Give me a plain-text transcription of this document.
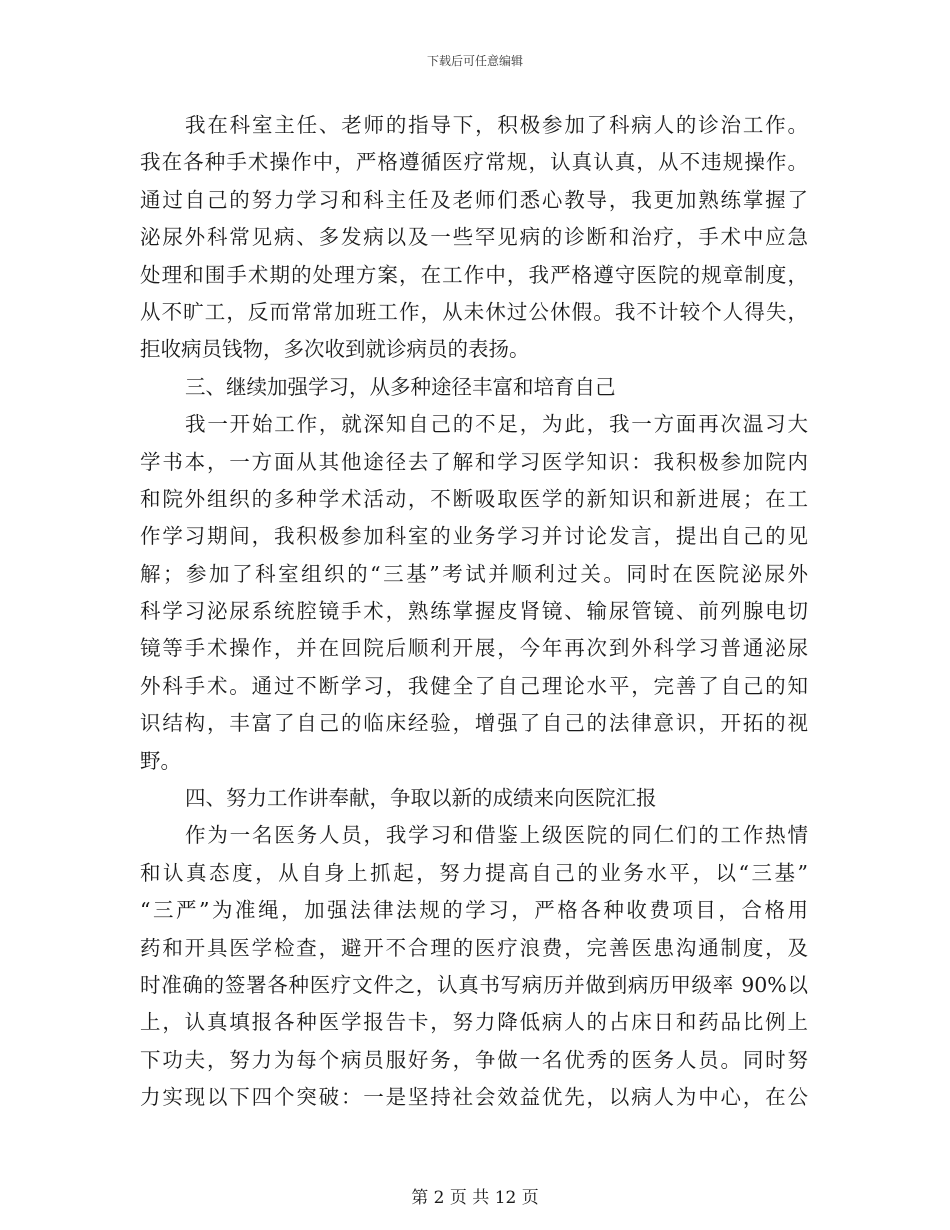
下载后可任意编辑
我在科室主任、老师的指导下，积极参加了科病人的诊治工作。
我在各种手术操作中，严格遵循医疗常规，认真认真，从不违规操作。
通过自己的努力学习和科主任及老师们悉心教导，我更加熟练掌握了
泌尿外科常见病、多发病以及一些罕见病的诊断和治疗，手术中应急
处理和围手术期的处理方案，在工作中，我严格遵守医院的规章制度，
从不旷工，反而常常加班工作，从未休过公休假。我不计较个人得失，
拒收病员钱物，多次收到就诊病员的表扬。
三、继续加强学习，从多种途径丰富和培育自己
我一开始工作，就深知自己的不足，为此，我一方面再次温习大
学书本，一方面从其他途径去了解和学习医学知识：我积极参加院内
和院外组织的多种学术活动，不断吸取医学的新知识和新进展；在工
作学习期间，我积极参加科室的业务学习并讨论发言，提出自己的见
解；参加了科室组织的“三基”考试并顺利过关。同时在医院泌尿外
科学习泌尿系统腔镜手术，熟练掌握皮肾镜、输尿管镜、前列腺电切
镜等手术操作，并在回院后顺利开展，今年再次到外科学习普通泌尿
外科手术。通过不断学习，我健全了自己理论水平，完善了自己的知
识结构，丰富了自己的临床经验，增强了自己的法律意识，开拓的视
野。
四、努力工作讲奉献，争取以新的成绩来向医院汇报
作为一名医务人员，我学习和借鉴上级医院的同仁们的工作热情
和认真态度，从自身上抓起，努力提高自己的业务水平，以“三基”
“三严”为准绳，加强法律法规的学习，严格各种收费项目，合格用
药和开具医学检查，避开不合理的医疗浪费，完善医患沟通制度，及
时准确的签署各种医疗文件之，认真书写病历并做到病历甲级率 90%以
上，认真填报各种医学报告卡，努力降低病人的占床日和药品比例上
下功夫，努力为每个病员服好务，争做一名优秀的医务人员。同时努
力实现以下四个突破：一是坚持社会效益优先，以病人为中心，在公
第 2 页 共 12 页
